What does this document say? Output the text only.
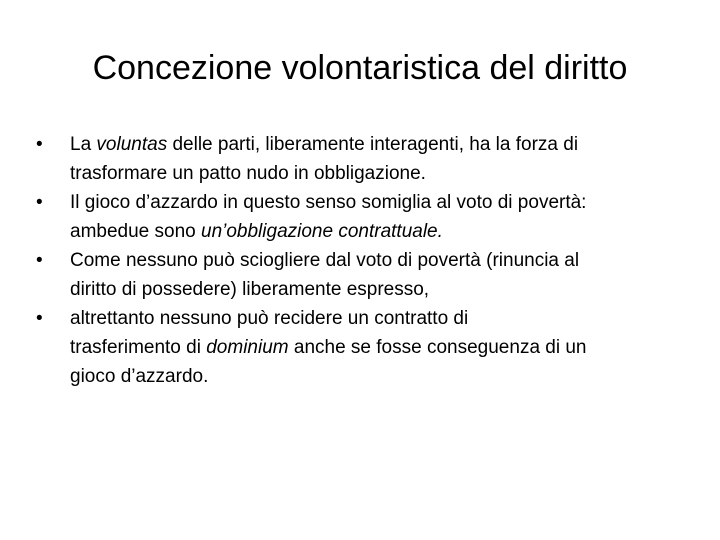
Concezione volontaristica del diritto
•	La voluntas delle parti, liberamente interagenti, ha la forza di
trasformare un patto nudo in obbligazione.
•	Il gioco d’azzardo in questo senso somiglia al voto di povertà:
ambedue sono un’obbligazione contrattuale.
•	Come nessuno può sciogliere dal voto di povertà (rinuncia al
diritto di possedere) liberamente espresso,
•	altrettanto nessuno può recidere un contratto di
trasferimento di dominium anche se fosse conseguenza di un
gioco d’azzardo.
